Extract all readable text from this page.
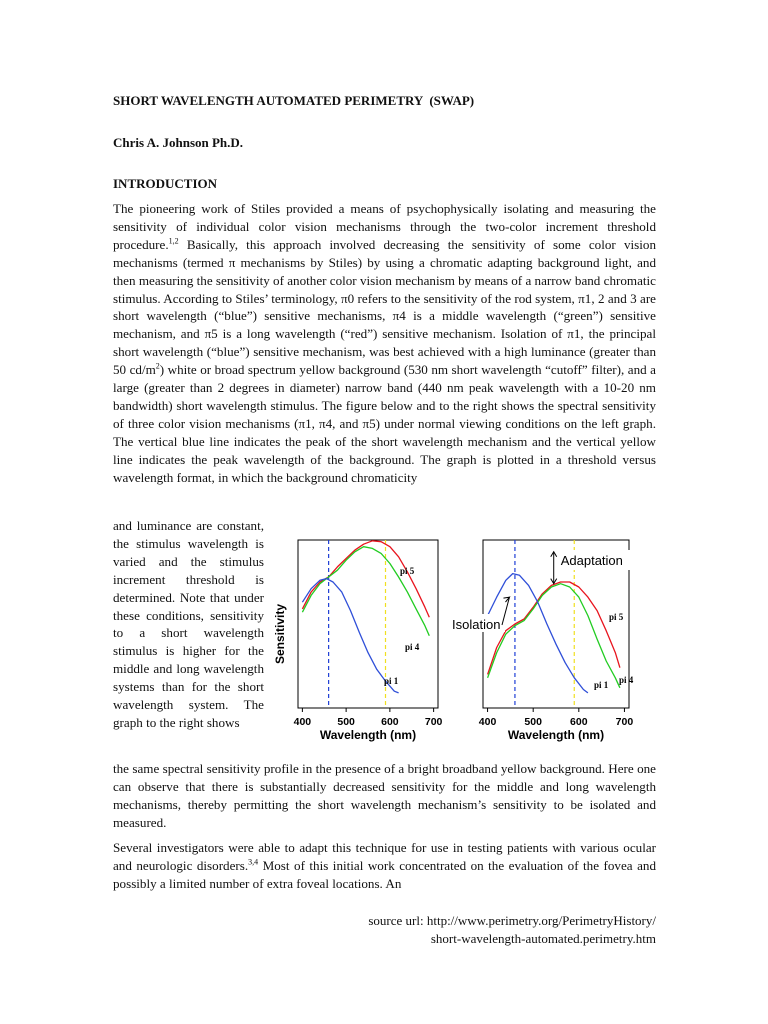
SHORT WAVELENGTH AUTOMATED PERIMETRY  (SWAP)
Chris A. Johnson Ph.D.
INTRODUCTION

The pioneering work of Stiles provided a means of psychophysically isolating and measuring the sensitivity of individual color vision mechanisms through the two-color increment threshold procedure.$^{1,2}$ Basically, this approach involved decreasing the sensitivity of some color vision mechanisms (termed π mechanisms by Stiles) by using a chromatic adapting background light, and then measuring the sensitivity of another color vision mechanism by means of a narrow band chromatic stimulus. According to Stiles’ terminology, π0 refers to the sensitivity of the rod system, π1, 2 and 3 are short wavelength (“blue”) sensitive mechanisms, π4 is a middle wavelength (“green”) sensitive mechanism, and π5 is a long wavelength (“red”) sensitive mechanism. Isolation of π1, the principal short wavelength (“blue”) sensitive mechanism, was best achieved with a high luminance (greater than 50 $cd/m^2$) white or broad spectrum yellow background (530 nm short wavelength “cutoff” filter), and a large (greater than 2 degrees in diameter) narrow band (440 nm peak wavelength with a 10-20 nm bandwidth) short wavelength stimulus. The figure below and to the right shows the spectral sensitivity of three color vision mechanisms (π1, π4, and π5) under normal viewing conditions on the left graph. The vertical blue line indicates the peak of the short wavelength mechanism and the vertical yellow line indicates the peak wavelength of the background. The graph is plotted in a threshold versus wavelength format, in which the background chromaticity

and luminance are constant, the stimulus wavelength is varied and the stimulus increment threshold is determined. Note that under these conditions, sensitivity to a short wavelength stimulus is higher for the middle and long wavelength systems than for the short wavelength system. The graph to the right shows	400 500 600 700
Wavelength (nm)
Sensitivity
pi 5
pi 4
pi 1
400	500	600	700
Wavelength (nm)
pi 5
pi 4
pi 1
Adaptation
Isolation

the same spectral sensitivity profile in the presence of a bright broadband yellow background. Here one can observe that there is substantially decreased sensitivity for the middle and long wavelength mechanisms, thereby permitting the short wavelength mechanism’s sensitivity to be isolated and measured.

Several investigators were able to adapt this technique for use in testing patients with various ocular and neurologic disorders.$^{3,4}$ Most of this initial work concentrated on the evaluation of the fovea and possibly a limited number of extra foveal locations. An

source url: http://www.perimetry.org/PerimetryHistory/
short-wavelength-automated.perimetry.htm
